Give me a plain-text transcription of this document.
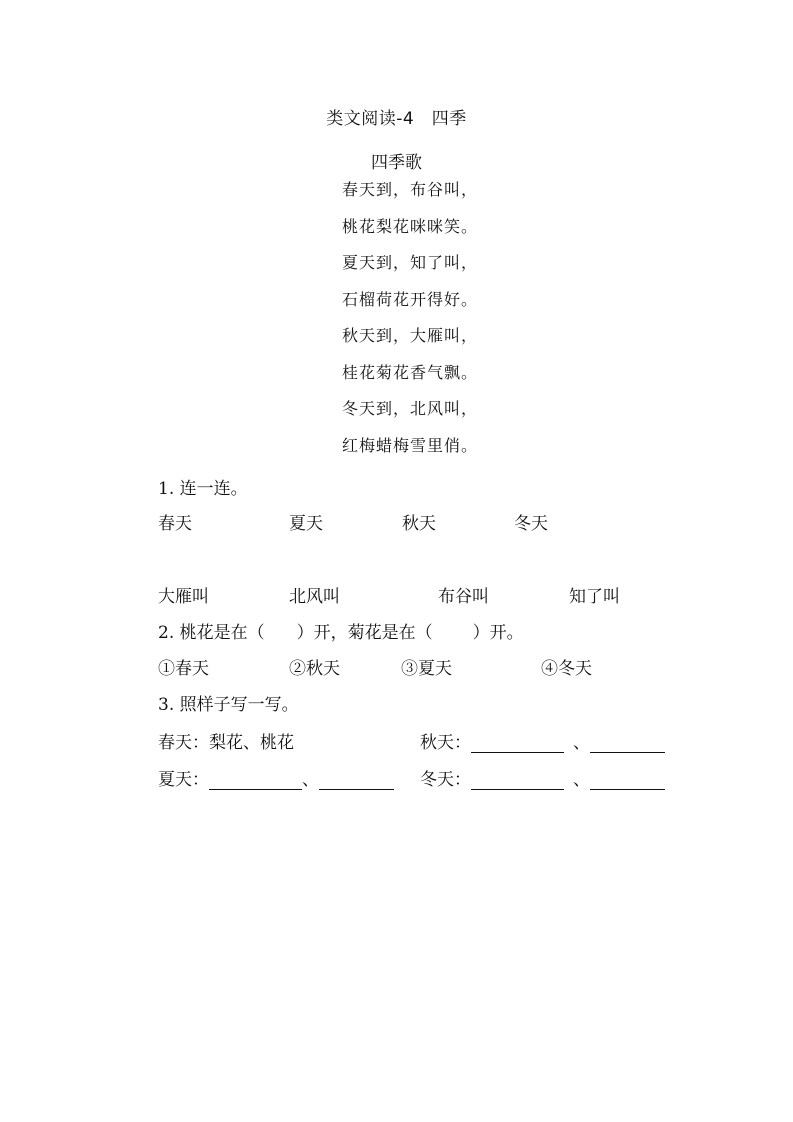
类文阅读-4　四季
四季歌
春天到，布谷叫，
桃花梨花咪咪笑。
夏天到，知了叫，
石榴荷花开得好。
秋天到，大雁叫，
桂花菊花香气飘。
冬天到，北风叫，
红梅蜡梅雪里俏。
1. 连一连。
春天	夏天	秋天	冬天
大雁叫	北风叫	布谷叫	知了叫
2. 桃花是在（ ）开，菊花是在（ ）开。
①春天	②秋天	③夏天	④冬天
3. 照样子写一写。
春天：梨花、桃花	秋天：	、
夏天：	、	冬天：	、
